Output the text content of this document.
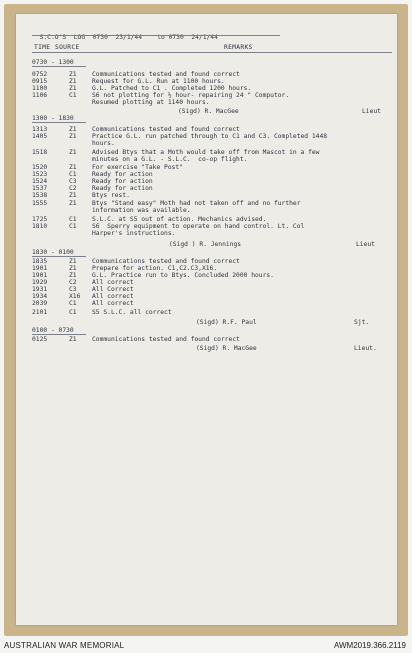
S.C.O'S LOG 0730 23/1/44 to 0730 24/1/44

TIME SOURCE	REMARKS
0730 - 1300
0752	Z1	Communications tested and found correct
0915	Z1	Request for G.L. Run at 1100 hours.
1100	Z1	G.L. Patched to C1 . Completed 1200 hours.
1106	C1	S6 not plotting for ½ hour- repairing 24 " Computor.
Resumed plotting at 1140 hours.
(Sigd) R. MacGee	Lieut
1300 - 1830
1313	Z1	Communications tested and found correct
1405	Z1	Practice G.L. run patched through to C1 and C3. Completed 1448
hours.
1518	Z1	Advised Btys that a Moth would take off from Mascot in a few
minutes on a G.L. - S.L.C.  co-op flight.
1520	Z1	For exercise "Take Post"
1523	C1	Ready for action
1524	C3	Ready for action
1537	C2	Ready for action
1538	Z1	Btys rest.
1555	Z1	Btys "Stand easy" Moth had not taken off and no further
information was available.
1725	C1	S.L.C. at S5 out of action. Mechanics advised.
1810	C1	S6  Sperry equipment to operate on hand control. Lt. Col
Harper's instructions.
(Sigd ) R. Jennings	Lieut
1830 - 0100
1835	Z1	Communications tested and found correct
1901	Z1	Prepare for action. C1,C2.C3,X16.
1901	Z1	G.L. Practice run to Btys. Concluded 2000 hours.
1929	C2	All correct
1931	C3	All Correct
1934	X16	All correct
2039	C1	All correct
2101	C1	S5 S.L.C. all correct
(Sigd) R.F. Paul	Sjt.
0100 - 0730
0125	Z1	Communications tested and found correct
(Sigd) R. MacGee	Lieut.
AUSTRALIAN WAR MEMORIAL	AWM2019.366.2119
